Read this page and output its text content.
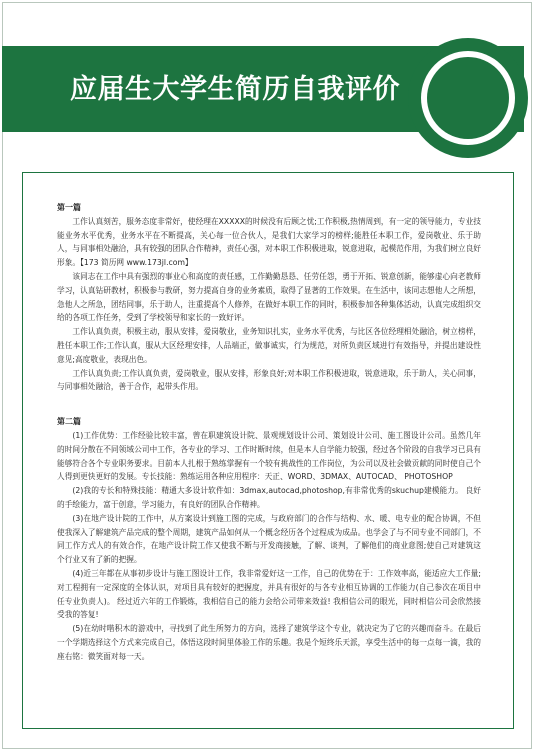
应届生大学生简历自我评价

第一篇

工作认真刻苦，服务态度非常好，使经理在XXXXX的时候没有后顾之忧;工作积极,热情周到，有一定的领导能力，专业技能业务水平优秀，业务水平在不断提高，关心每一位合伙人，是我们大家学习的榜样;能胜任本职工作，爱岗敬业、乐于助人，与同事相处融洽，具有较强的团队合作精神，责任心强，对本职工作积极进取，锐意进取，起模范作用，为我们树立良好形象。【173 简历网 www.173jl.com】

该同志在工作中具有强烈的事业心和高度的责任感，工作勤勤恳恳、任劳任怨，勇于开拓、锐意创新，能够虚心向老教师学习，认真钻研教材，积极参与教研，努力提高自身的业务素质，取得了显著的工作效果。在生活中，该同志想他人之所想，急他人之所急，团结同事，乐于助人，注重提高个人修养，在做好本职工作的同时，积极参加各种集体活动，认真完成组织交给的各项工作任务，受到了学校领导和家长的一致好评。

工作认真负责，积极主动，服从安排，爱岗敬业，业务知识扎实，业务水平优秀，与比区各位经理相处融洽，树立榜样，胜任本职工作;工作认真，服从大区经理安排，人品端正，做事诚实，行为规范，对所负责区域进行有效指导，并提出建设性意见;高度敬业，表现出色。

工作认真负责;工作认真负责，爱岗敬业，服从安排，形象良好;对本职工作积极进取，锐意进取，乐于助人，关心同事，与同事相处融洽，善于合作，起带头作用。

第二篇

(1)工作优势：工作经验比较丰富，曾在职建筑设计院、景观规划设计公司、策划设计公司、施工图设计公司。虽然几年的时间分散在不同领域公司中工作，各专业的学习、工作时断时续，但是本人自学能力较强，经过各个阶段的自我学习已具有能够符合各个专业职务要求。目前本人扎根于熟练掌握有一个较有挑战性的工作岗位，为公司以及社会做贡献的同时使自己个人得到更快更好的发展。专长技能：熟练运用各种应用程序：天正、WORD、3DMAX、AUTOCAD、 PHOTOSHOP

(2)我的专长和特殊技能：精通大多设计软件如：3dmax,autocad,photoshop,有非常优秀的skuchup建模能力。 良好的手绘能力，富于创意，学习能力，有良好的团队合作精神。

(3)在地产设计院的工作中，从方案设计到施工图的完成，与政府部门的合作与结构、水、暖、电专业的配合协调，不但使我深入了解建筑产品完成的整个周期，建筑产品如何从一个概念经历各个过程成为成品。也学会了与不同专业不同部门，不同工作方式人的有效合作，在地产设计院工作又使我不断与开发商接触，了解、谈判，了解他们的商业意图;使自己对建筑这个行业又有了新的把握。

(4)近三年都在从事初步设计与施工图设计工作，我非常爱好这一工作，自己的优势在于：工作效率高，能适应大工作量;对工程拥有一定深度的全体认识，对项目具有较好的把握度，并具有很好的与各专业相互协调的工作能力(自己参次在项目中任专业负责人)。 经过近六年的工作锻炼，我相信自己的能力会给公司带来效益! 我相信公司的眼光，同时相信公司会欣然接受我的答复!

(5)在幼时喈积木的游戏中，寻找到了此生所努力的方向，选择了建筑学这个专业，就决定为了它的兴趣而奋斗。在最后一个学期选择这个方式来完成自己，体悟这段时间里体验工作的乐趣。我是个短终乐天派，享受生活中的每一点每一滴，我的座右铭：微笑面对每一天。
